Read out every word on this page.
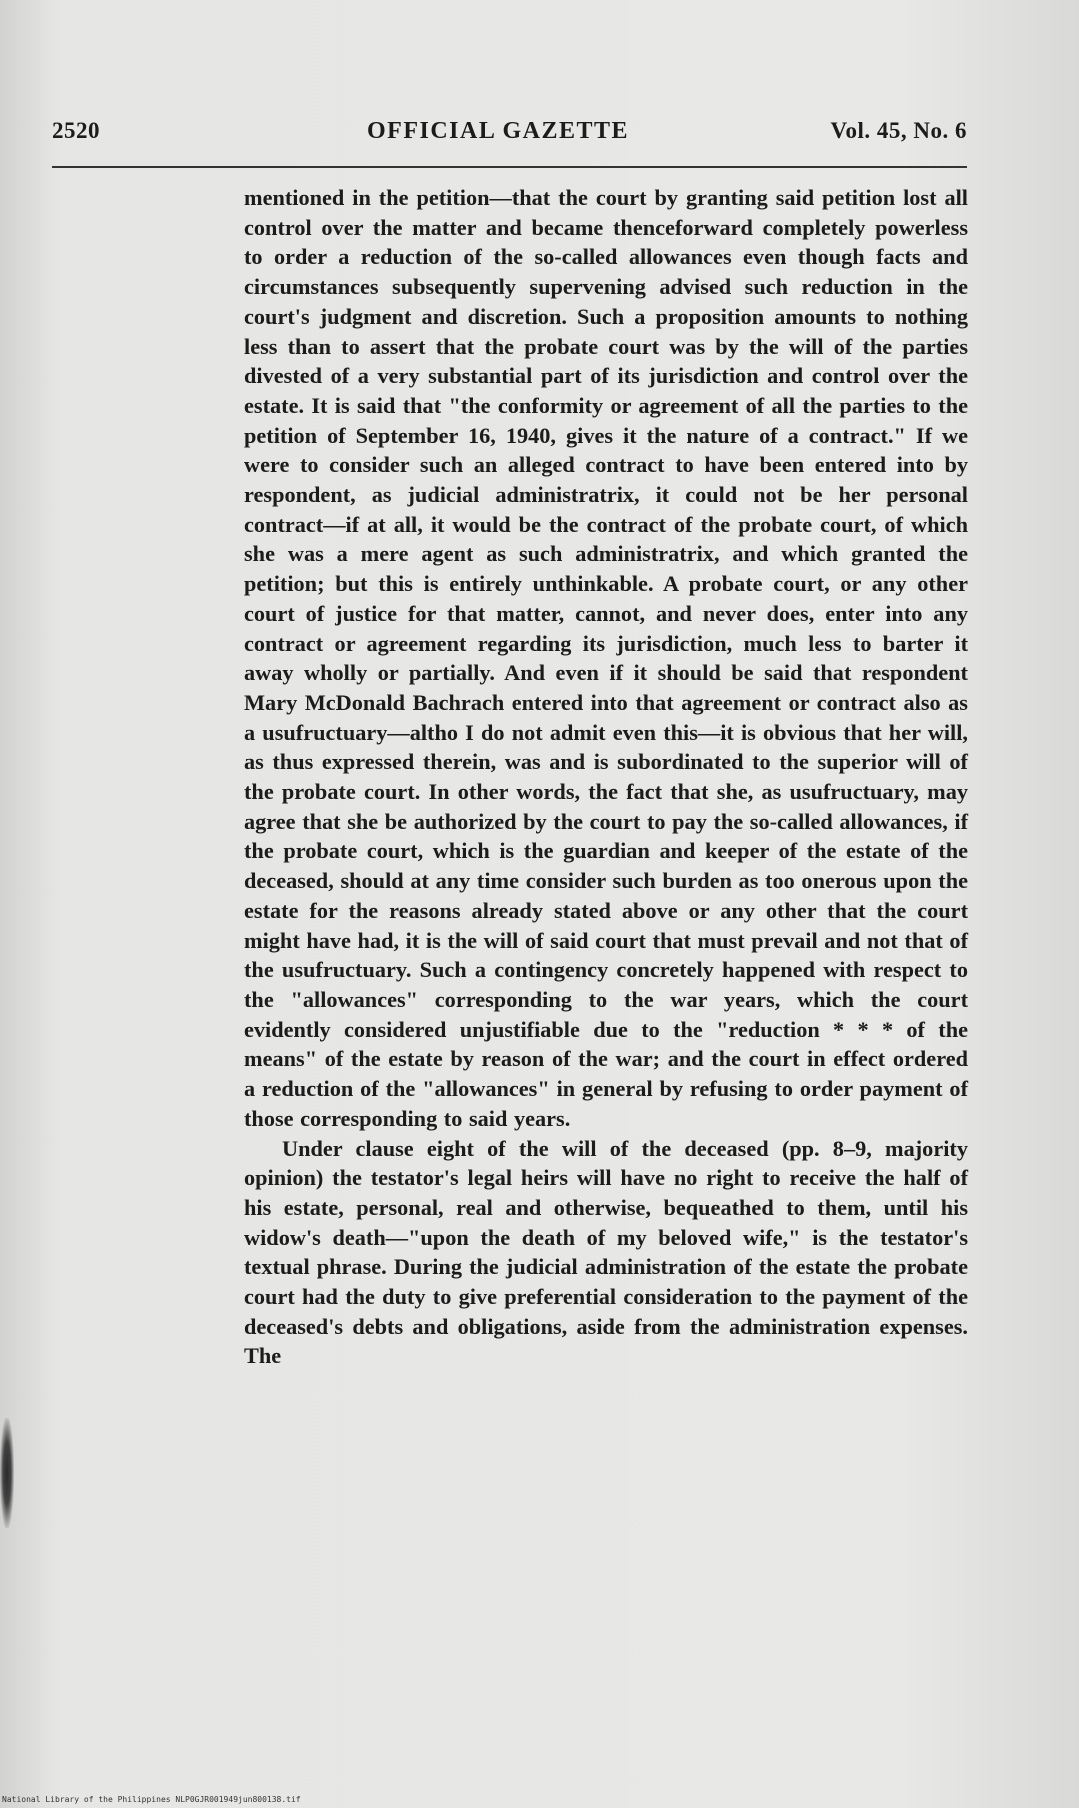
2520	OFFICIAL GAZETTE	Vol. 45, No. 6

mentioned in the petition—that the court by granting said petition lost all control over the matter and became thenceforward completely powerless to order a reduction of the so-called allowances even though facts and circumstances subsequently supervening advised such reduction in the court's judgment and discretion. Such a proposition amounts to nothing less than to assert that the probate court was by the will of the parties divested of a very substantial part of its jurisdiction and control over the estate. It is said that "the conformity or agreement of all the parties to the petition of September 16, 1940, gives it the nature of a contract." If we were to consider such an alleged contract to have been entered into by respondent, as judicial administratrix, it could not be her personal contract—if at all, it would be the contract of the probate court, of which she was a mere agent as such administratrix, and which granted the petition; but this is entirely unthinkable. A probate court, or any other court of justice for that matter, cannot, and never does, enter into any contract or agreement regarding its jurisdiction, much less to barter it away wholly or partially. And even if it should be said that respondent Mary McDonald Bachrach entered into that agreement or contract also as a usufructuary—altho I do not admit even this—it is obvious that her will, as thus expressed therein, was and is subordinated to the superior will of the probate court. In other words, the fact that she, as usufructuary, may agree that she be authorized by the court to pay the so-called allowances, if the probate court, which is the guardian and keeper of the estate of the deceased, should at any time consider such burden as too onerous upon the estate for the reasons already stated above or any other that the court might have had, it is the will of said court that must prevail and not that of the usufructuary. Such a contingency concretely happened with respect to the "allowances" corresponding to the war years, which the court evidently considered unjustifiable due to the "reduction * * * of the means" of the estate by reason of the war; and the court in effect ordered a reduction of the "allowances" in general by refusing to order payment of those corresponding to said years.

Under clause eight of the will of the deceased (pp. 8–9, majority opinion) the testator's legal heirs will have no right to receive the half of his estate, personal, real and otherwise, bequeathed to them, until his widow's death—"upon the death of my beloved wife," is the testator's textual phrase. During the judicial administration of the estate the probate court had the duty to give preferential consideration to the payment of the deceased's debts and obligations, aside from the administration expenses. The

National Library of the Philippines NLP0GJR001949jun800138.tif
